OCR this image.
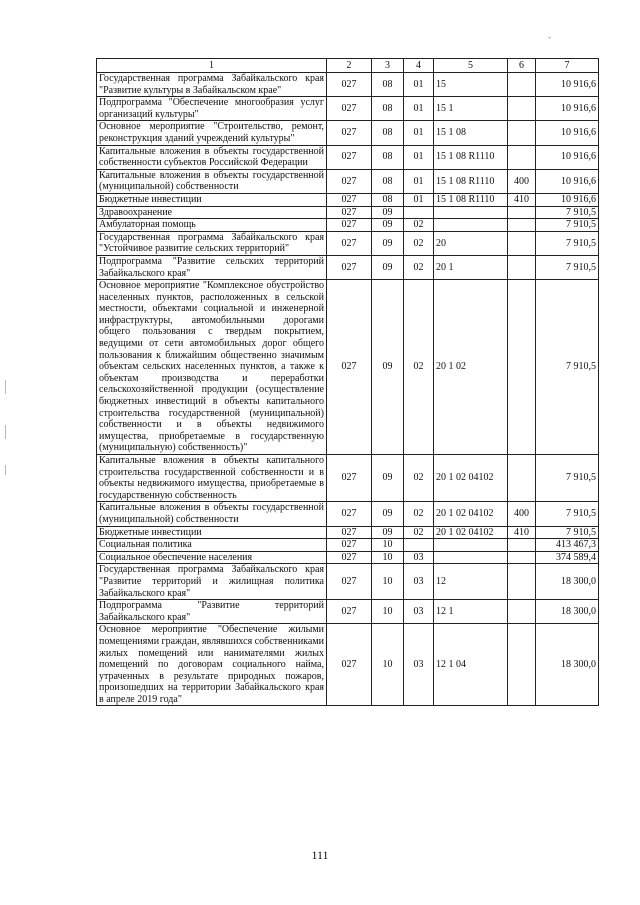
-
1	2	3	4	5	6	7
Государственная программа Забайкальского края "Развитие культуры в Забайкальском крае"	027	08	01	15		10 916,6
Подпрограмма "Обеспечение многообразия услуг организаций культуры"	027	08	01	15 1		10 916,6
Основное мероприятие "Строительство, ремонт, реконструкция зданий учреждений культуры"	027	08	01	15 1 08		10 916,6
Капитальные вложения в объекты государственной собственности субъектов Российской Федерации	027	08	01	15 1 08 R1110		10 916,6
Капитальные вложения в объекты государственной (муниципальной) собственности	027	08	01	15 1 08 R1110	400	10 916,6
Бюджетные инвестиции	027	08	01	15 1 08 R1110	410	10 916,6
Здравоохранение	027	09				7 910,5
Амбулаторная помощь	027	09	02			7 910,5
Государственная программа Забайкальского края "Устойчивое развитие сельских территорий"	027	09	02	20		7 910,5
Подпрограмма "Развитие сельских территорий Забайкальского края"	027	09	02	20 1		7 910,5
Основное мероприятие "Комплексное обустройство населенных пунктов, расположенных в сельской местности, объектами социальной и инженерной инфраструктуры, автомобильными дорогами общего пользования с твердым покрытием, ведущими от сети автомобильных дорог общего пользования к ближайшим общественно значимым объектам сельских населенных пунктов, а также к объектам производства и переработки сельскохозяйственной продукции (осуществление бюджетных инвестиций в объекты капитального строительства государственной (муниципальной) собственности и в объекты недвижимого имущества, приобретаемые в государственную (муниципальную) собственность)"	027	09	02	20 1 02		7 910,5
Капитальные вложения в объекты капитального строительства государственной собственности и в объекты недвижимого имущества, приобретаемые в государственную собственность	027	09	02	20 1 02 04102		7 910,5
Капитальные вложения в объекты государственной (муниципальной) собственности	027	09	02	20 1 02 04102	400	7 910,5
Бюджетные инвестиции	027	09	02	20 1 02 04102	410	7 910,5
Социальная политика	027	10				413 467,3
Социальное обеспечение населения	027	10	03			374 589,4
Государственная программа Забайкальского края "Развитие территорий и жилищная политика Забайкальского края"	027	10	03	12		18 300,0
Подпрограмма "Развитие территорий Забайкальского края"	027	10	03	12 1		18 300,0
Основное мероприятие "Обеспечение жилыми помещениями граждан, являвшихся собственниками жилых помещений или нанимателями жилых помещений по договорам социального найма, утраченных в результате природных пожаров, произошедших на территории Забайкальского края в апреле 2019 года"	027	10	03	12 1 04		18 300,0
111
